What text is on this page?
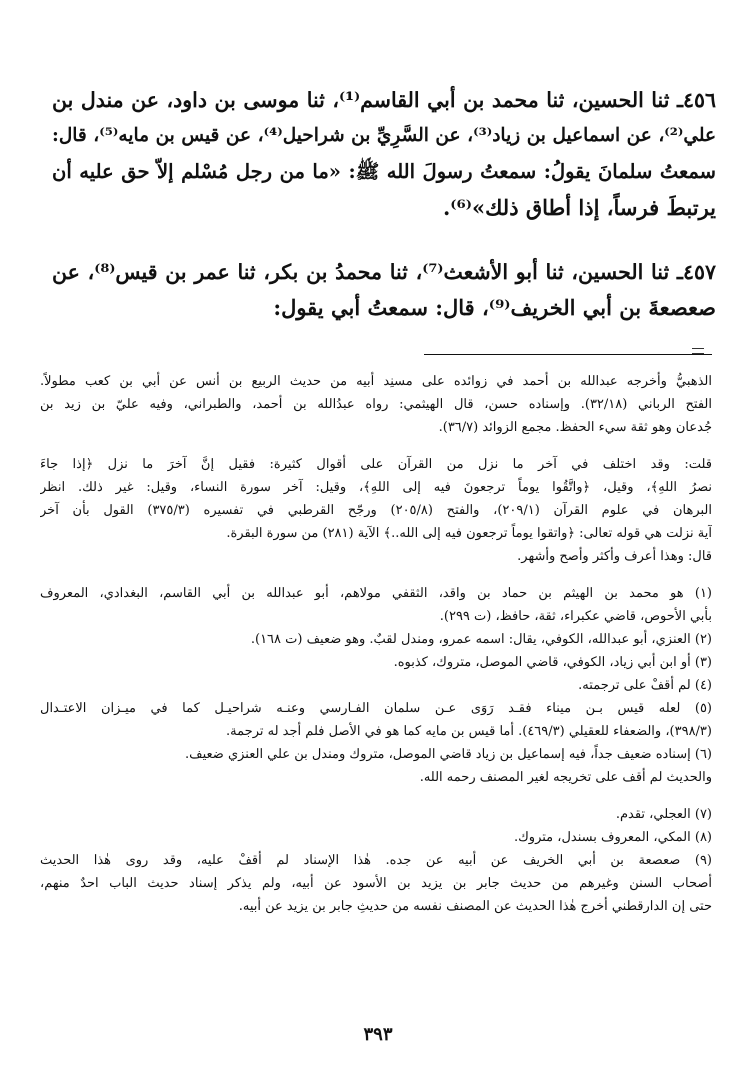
٤٥٦ـ ثنا الحسين، ثنا محمد بن أبي القاسم⁽¹⁾، ثنا موسى بن داود، عن مندل بن
علي⁽²⁾، عن اسماعيل بن زياد⁽³⁾، عن السَّرِيِّ بن شراحيل⁽⁴⁾، عن قيس بن مايه⁽⁵⁾، قال:
سمعتُ سلمانَ يقولُ: سمعتُ رسولَ الله ﷺ: «ما من رجل مُسْلم إلاّ حق عليه أن
يرتبطَ فرساً، إذا أطاق ذلك»⁽⁶⁾.
٤٥٧ـ ثنا الحسين، ثنا أبو الأشعث⁽⁷⁾، ثنا محمدُ بن بكر، ثنا عمر بن قيس⁽⁸⁾، عن
صعصعةَ بن أبي الخريف⁽⁹⁾، قال: سمعتُ أبي يقول:
الذهبيُّ وأخرجه عبدالله بن أحمد في زوائده على مسنِد أبيه من حديث الربيع بن أنس عن أبي بن كعب مطولاً.
الفتح الرباني (٣٢/١٨). وإسناده حسن، قال الهيثمي: رواه عبدُالله بن أحمد، والطبراني، وفيه عليّ بن زيد بن
جُدعان وهو ثقة سيء الحفظ. مجمع الزوائد (٣٦/٧).
قلت: وقد اختلف في آخر ما نزل من القرآن على أقوال كثيرة: فقيل إنَّ آخرَ ما نزل ﴿إذا جاءَ
نصرُ اللهِ﴾، وقيل، ﴿واتَّقُوا يوماً ترجعونَ فيه إلى اللهِ﴾، وقيل: آخر سورة النساء، وقيل: غير ذلك. انظر
البرهان في علوم القرآن (٢٠٩/١)، والفتح (٢٠٥/٨) ورجّح القرطبي في تفسيره (٣٧٥/٣) القول بأن آخر
آية نزلت هي قوله تعالى: ﴿واتقوا يوماً ترجعون فيه إلى الله..﴾ الآية (٢٨١) من سورة البقرة.
قال: وهذا أعرف وأكثر وأصح وأشهر.
(١) هو محمد بن الهيثم بن حماد بن واقد، الثقفي مولاهم، أبو عبدالله بن أبي القاسم، البغدادي، المعروف
بأبي الأحوص، قاضي عكبراء، ثقة، حافظ، (ت ٢٩٩).
(٢) العنزي، أبو عبدالله، الكوفي، يقال: اسمه عمرو، ومندل لقبٌ. وهو ضعيف (ت ١٦٨).
(٣) أو ابن أبي زياد، الكوفي، قاضي الموصل، متروك، كذبوه.
(٤) لم أقفْ على ترجمته.
(٥) لعله قيس بـن ميناء فقـد رَوَى عـن سلمان الفـارسي وعنـه شراحيـل كما في ميـزان الاعتـدال
(٣٩٨/٣)، والضعفاء للعقيلي (٤٦٩/٣). أما قيس بن مايه كما هو في الأصل فلم أجد له ترجمة.
(٦) إسناده ضعيف جداً، فيه إسماعيل بن زياد قاضي الموصل، متروك ومندل بن علي العنزي ضعيف.
والحديث لم أقف على تخريجه لغير المصنف رحمه الله.
(٧) العجلي، تقدم.
(٨) المكي، المعروف بسندل، متروك.
(٩) صعصعة بن أبي الخريف عن أبيه عن جده. هٰذا الإسناد لم أقفْ عليه، وقد روى هٰذا الحديث
أصحاب السنن وغيرهم من حديث جابر بن يزيد بن الأسود عن أبيه، ولم يذكر إسناد حديث الباب احدٌ منهم،
حتى إن الدارقطني أخرج هٰذا الحديث عن المصنف نفسه من حديثِ جابر بن يزيد عن أبيه.
٣٩٣
